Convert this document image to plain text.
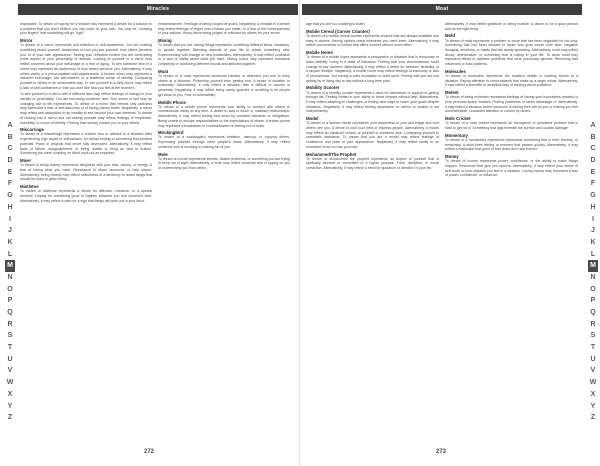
Miracles
impossible. To dream of hoping for a miracle may represent a desire for a solution to a problem that you don't believe you can solve on your own. You may be "crossing your fingers" that something will go "right."
Mirror
To dream of a mirror represents self-reflection or self-awareness. You are noticing something about yourself. Awareness of how you see yourself, how others perceive you, or of your own appearance. Seeing your reflection means you are confronting some aspect of your personality or attitude. Looking at yourself in a mirror may reflect concerns about your self-image or a fear of aging. To see someone else in a mirror may represent an awareness of how others perceive you. Alternatively, it may reflect vanity or a preoccupation with appearances. A broken mirror may represent a distorted self-image, low self-esteem, or a shattered sense of identity. Comparing yourself to others in an unfavorable way. To see yourself in a dirty mirror may reflect a lack of self-confidence or that you don't like how you feel at the moment.
To see yourself in a mirror with a different face may reflect feelings of change in your identity or personality. You are becoming someone new. Your sense of self may be changing due to life experiences. To dream of a mirror that reflects only darkness may symbolize a fear of self-discovery or of facing painful truths. Negatively, a mirror may reflect self-absorption or an inability to see beyond your own interests. To dream of looking into a mirror and not seeing yourself may reflect feelings of emptiness, invisibility, or a loss of identity. Feeling that nobody notices you or your efforts.
Miscarriage
To dream of a miscarriage represents a sudden loss or setback in a situation after experiencing high hopes or enthusiasm. An abrupt ending to something that showed potential. Plans or projects that never fully developed. Alternatively, it may reflect fears of failure, disappointment, or being unable to bring an idea to fruition. Something you were counting on didn't work out as expected.
Miser
To dream of being miserly represents stinginess with your time, money, or energy. A fear of losing what you have. Reluctance to share resources or help others. Alternatively, being miserly may reflect selfishness or a tendency to hoard things that should be used or given freely.
Mistletoe
To dream of mistletoe represents a desire for affection, romance, or a special moment. Hoping for something good to happen between you and someone else. Alternatively, it may reflect a wish for a sign that things will work out in your favor.
embarrassment. Feelings of being caught off guard. Negatively, a mistake in a dream may reflect feelings of regret over choices you made, or a fear of the consequences of your actions. Worry about being judged or criticized by others for your errors.
Mixing
To dream that you are mixing things represents combining different ideas, situations, or people together. Blending aspects of your life to create something new. Experimenting with change or new possibilities. Alternatively, it may reflect confusion or a lack of clarity about what you want. Mixing colors may represent emotional complexity or combining different moods and attitudes together.
Moat
To dream of a moat represents emotional barriers or defenses you use to keep others at a distance. Protecting yourself from getting hurt. A sense of isolation or exclusivity. Alternatively, it may reflect a situation that is difficult to access or penetrate. Negatively, it may reflect being overly guarded or unwilling to let people get close to you. Fear of vulnerability.
Mobile Phone
To dream of a mobile phone represents your ability to connect with others or communicate easily at any time. A desire to stay in touch or maintain relationships. Alternatively, it may reflect feeling tied down by constant demands or obligations. Being unable to escape responsibilities or the expectations of others. A broken phone may represent a breakdown in communication or feeling out of touch.
Mockingbird
To dream of a mockingbird represents imitation, mimicry, or copying others. Expressing yourself through other people's ideas. Alternatively, it may reflect someone who is mocking or making fun of you.
Mole
To dream of a mole represents secrets, hidden problems, or something you are trying to keep out of sight. Alternatively, a mole may reflect someone who is spying on you or undermining you from within.
A
B
C
D
E
F
G
H
I
J
K
L
M
N
O
P
Q
R
S
T
U
V
W
X
Y
Z
272
Moat
age that you are too unwilling to listen.
Mobile Cereal (Corner Counter)
To dream of a mobile cereal counter represents choices that are always available and easy to access. Having options ready whenever you need them. Alternatively, it may reflect convenience or routine that offers comfort without much effort.
Mobile Home
To dream of a mobile home represents a perspective or situation that is temporary or lacks stability. Living in a state of transition. Feeling that your circumstances could change at any moment. Alternatively, it may reflect a desire for freedom, flexibility, or a simpler lifestyle. Negatively, a mobile home may reflect feelings of insecurity or lack of permanence. Not having a solid foundation to build upon. Feeling that you are just getting by or living day to day without a long-term plan.
Mobility Scooter
To dream of a mobility scooter represents a need for assistance or support in getting through life. Feeling limited in your ability to move forward without help. Alternatively, it may reflect adapting to challenges or finding new ways to reach your goals despite obstacles. Negatively, it may reflect feeling dependent on others or unable to act independently.
Model
To dream of a fashion model represents your awareness of your self-image and how others see you. A desire to look your best or impress people. Alternatively, a model may reflect an idealized version of yourself or someone else. Comparing yourself to unrealistic standards. To dream that you are a model may reflect feelings of confidence and pride in your appearance. Negatively, it may reflect vanity or an excessive focus on how you look.
Mohammed/The Prophet
To dream of Mohammed the prophet represents an aspect of yourself that is spiritually devoted or committed to a higher purpose. Faith, discipline, or moral conviction. Alternatively, it may reflect a need for guidance or direction in your life.
Alternatively, it may reflect gratitude or being humble. A desire to be a good person and do the right thing.
Mold
To dream of mold represents a problem or issue that has been neglected for too long. Something that has been allowed to fester and grow worse over time. Negative thoughts, emotions, or habits that are slowly spreading. Alternatively, mold may reflect decay, deterioration, or something that is rotting in your life. To clean mold may represent efforts to address problems that were previously ignored. Removing bad influences or toxic patterns.
Molecules
To dream of molecules represents the smallest details or building blocks of a situation. Paying attention to minor aspects that make up a larger whole. Alternatively, it may reflect a scientific or analytical way of thinking about problems.
Molest
To dream of being molested represents feelings of having your boundaries violated or your personal space invaded. Feeling powerless or taken advantage of. Alternatively, it may reflect a situation where someone is forcing their will on you or making you feel uncomfortable. Unwanted attention or control by others.
Mole Cricket
To dream of a mole cricket represents an annoyance or persistent problem that is hard to get rid of. Something that digs beneath the surface and causes damage.
Momentary
To dream of a momentary experience represents something that is brief, fleeting, or temporary. A short-lived feeling or moment that passes quickly. Alternatively, it may reflect a realization that good or bad times don't last forever.
Money
To dream of money represents power, confidence, or the ability to make things happen. Resources that give you options. Alternatively, it may reflect your sense of self-worth or how valuable you feel in a situation. Losing money may represent a loss of power, confidence, or influence.
A
B
C
D
E
F
G
H
I
J
K
L
M
N
O
P
Q
R
S
T
U
V
W
X
Y
Z
273
